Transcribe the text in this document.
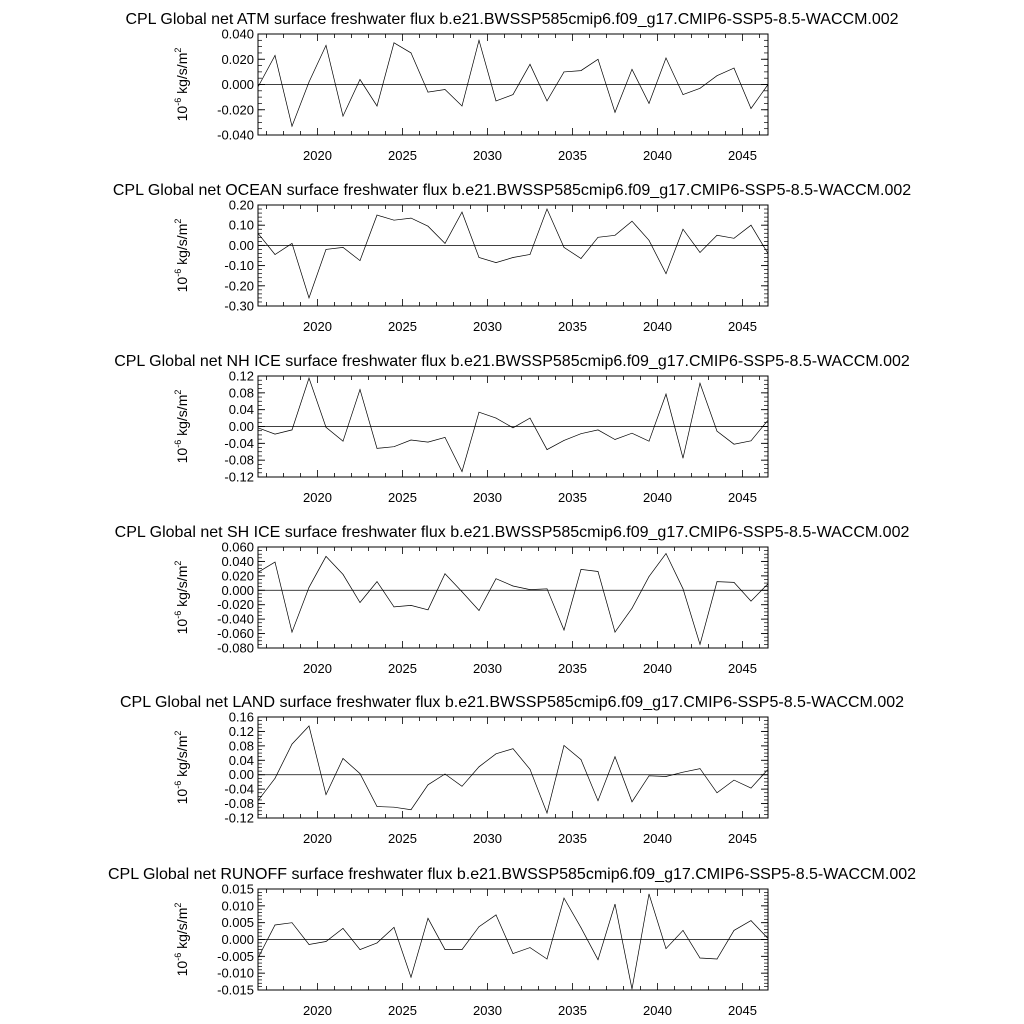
CPL Global net ATM surface freshwater flux b.e21.BWSSP585cmip6.f09_g17.CMIP6-SSP5-8.5-WACCM.002
2020	2025	2030	2035	2040	2045
-0.040
-0.020
0.000
0.020
0.040
$10^{-6}$ $kg/s/m^2$
CPL Global net OCEAN surface freshwater flux b.e21.BWSSP585cmip6.f09_g17.CMIP6-SSP5-8.5-WACCM.002
2020	2025	2030	2035	2040	2045
-0.30
-0.20
-0.10
0.00
0.10
0.20
$10^{-6}$ $kg/s/m^2$
CPL Global net NH ICE surface freshwater flux b.e21.BWSSP585cmip6.f09_g17.CMIP6-SSP5-8.5-WACCM.002
2020	2025	2030	2035	2040	2045
-0.12
-0.08
-0.04
0.00
0.04
0.08
0.12
$10^{-6}$ $kg/s/m^2$
CPL Global net SH ICE surface freshwater flux b.e21.BWSSP585cmip6.f09_g17.CMIP6-SSP5-8.5-WACCM.002
2020	2025	2030	2035	2040	2045
-0.080
-0.060
-0.040
-0.020
0.000
0.020
0.040
0.060
$10^{-6}$ $kg/s/m^2$
CPL Global net LAND surface freshwater flux b.e21.BWSSP585cmip6.f09_g17.CMIP6-SSP5-8.5-WACCM.002
2020	2025	2030	2035	2040	2045
-0.12
-0.08
-0.04
0.00
0.04
0.08
0.12
0.16
$10^{-6}$ $kg/s/m^2$
CPL Global net RUNOFF surface freshwater flux b.e21.BWSSP585cmip6.f09_g17.CMIP6-SSP5-8.5-WACCM.002
2020	2025	2030	2035	2040	2045
-0.015
-0.010
-0.005
0.000
0.005
0.010
0.015
$10^{-6}$ $kg/s/m^2$
